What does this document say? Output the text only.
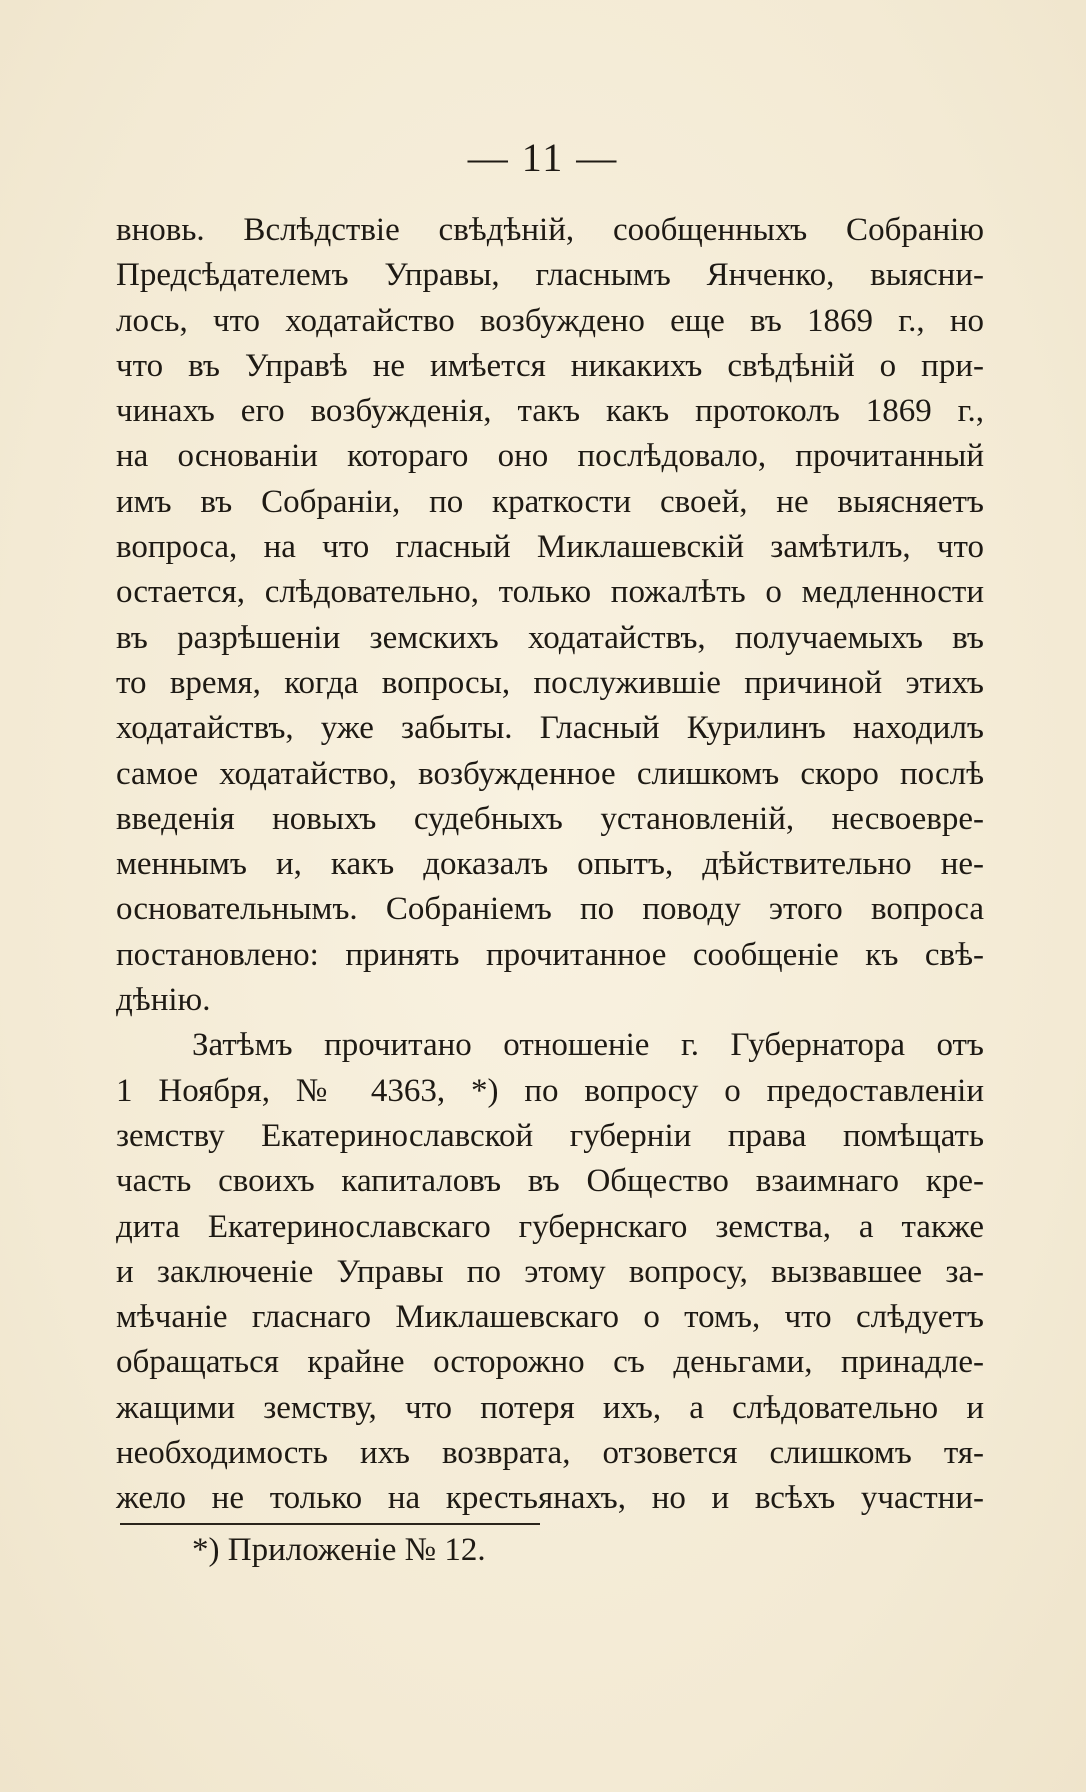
— 11 —
вновь. Вслѣдствіе свѣдѣній, сообщенныхъ Собранію
Предсѣдателемъ Управы, гласнымъ Янченко, выясни-
лось, что ходатайство возбуждено еще въ 1869 г., но
что въ Управѣ не имѣется никакихъ свѣдѣній о при-
чинахъ его возбужденія, такъ какъ протоколъ 1869 г.,
на основаніи котораго оно послѣдовало, прочитанный
имъ въ Собраніи, по краткости своей, не выясняетъ
вопроса, на что гласный Миклашевскій замѣтилъ, что
остается, слѣдовательно, только пожалѣть о медленности
въ разрѣшеніи земскихъ ходатайствъ, получаемыхъ въ
то время, когда вопросы, послужившіе причиной этихъ
ходатайствъ, уже забыты. Гласный Курилинъ находилъ
самое ходатайство, возбужденное слишкомъ скоро послѣ
введенія новыхъ судебныхъ установленій, несвоевре-
меннымъ и, какъ доказалъ опытъ, дѣйствительно не-
основательнымъ. Собраніемъ по поводу этого вопроса
постановлено: принять прочитанное сообщеніе къ свѣ-
дѣнію.
Затѣмъ прочитано отношеніе г. Губернатора отъ
1 Ноября, № 4363, *) по вопросу о предоставленіи
земству Екатеринославской губерніи права помѣщать
часть своихъ капиталовъ въ Общество взаимнаго кре-
дита Екатеринославскаго губернскаго земства, а также
и заключеніе Управы по этому вопросу, вызвавшее за-
мѣчаніе гласнаго Миклашевскаго о томъ, что слѣдуетъ
обращаться крайне осторожно съ деньгами, принадле-
жащими земству, что потеря ихъ, а слѣдовательно и
необходимость ихъ возврата, отзовется слишкомъ тя-
жело не только на крестьянахъ, но и всѣхъ участни-
*) Приложеніе № 12.
